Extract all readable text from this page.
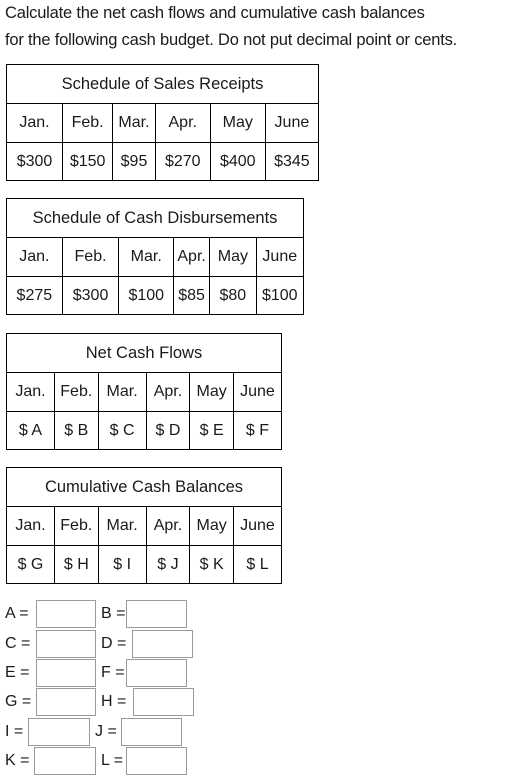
Calculate the net cash flows and cumulative cash balances
for the following cash budget. Do not put decimal point or cents.
Schedule of Sales Receipts					
Jan.	Feb.	Mar.	Apr.	May	June
$300	$150	$95	$270	$400	$345
Schedule of Cash Disbursements					
Jan.	Feb.	Mar.	Apr.	May	June
$275	$300	$100	$85	$80	$100
Net Cash Flows					
Jan.	Feb.	Mar.	Apr.	May	June
$ A	$ B	$ C	$ D	$ E	$ F
Cumulative Cash Balances					
Jan.	Feb.	Mar.	Apr.	May	June
$ G	$ H	$ I	$ J	$ K	$ L
A =	B =
C =	D =
E =	F =
G =	H =
I =	J =
K =	L =
